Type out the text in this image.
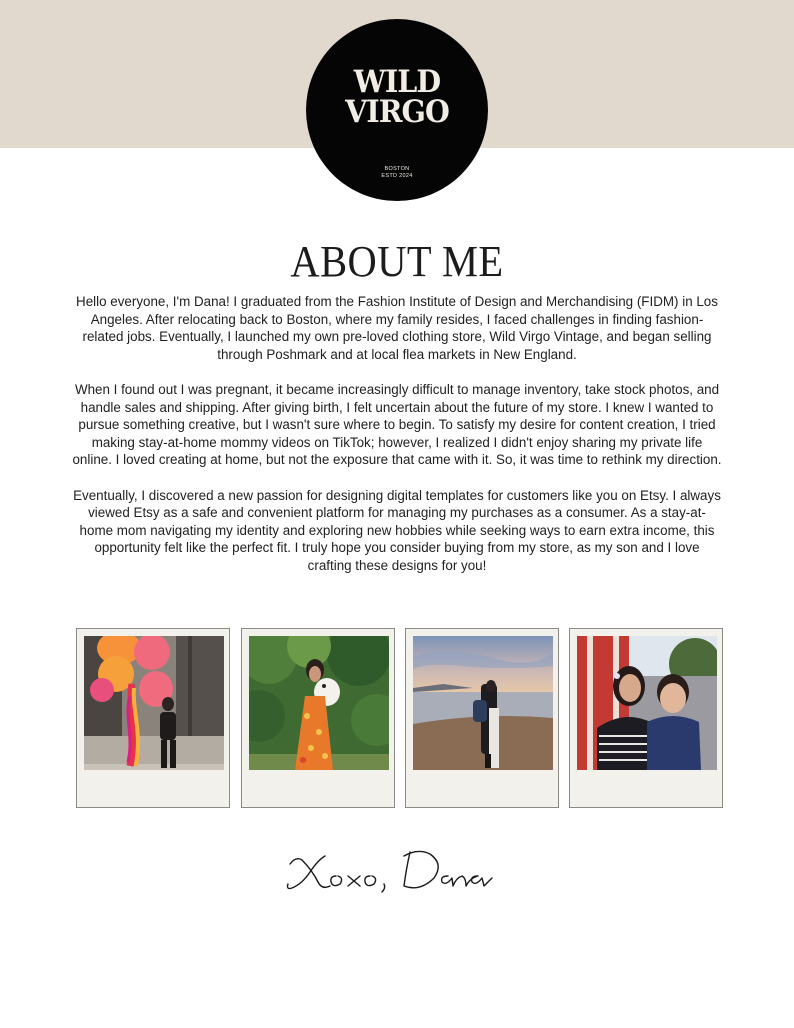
WILD
VIRGO
BOSTON
ESTD 2024
ABOUT ME

Hello everyone, I'm Dana! I graduated from the Fashion Institute of Design and Merchandising (FIDM) in Los Angeles. After relocating back to Boston, where my family resides, I faced challenges in finding fashion-related jobs. Eventually, I launched my own pre-loved clothing store, Wild Virgo Vintage, and began selling through Poshmark and at local flea markets in New England.

When I found out I was pregnant, it became increasingly difficult to manage inventory, take stock photos, and handle sales and shipping. After giving birth, I felt uncertain about the future of my store. I knew I wanted to pursue something creative, but I wasn't sure where to begin. To satisfy my desire for content creation, I tried making stay-at-home mommy videos on TikTok; however, I realized I didn't enjoy sharing my private life online. I loved creating at home, but not the exposure that came with it. So, it was time to rethink my direction.

Eventually, I discovered a new passion for designing digital templates for customers like you on Etsy. I always viewed Etsy as a safe and convenient platform for managing my purchases as a consumer. As a stay-at-home mom navigating my identity and exploring new hobbies while seeking ways to earn extra income, this opportunity felt like the perfect fit. I truly hope you consider buying from my store, as my son and I love crafting these designs for you!
